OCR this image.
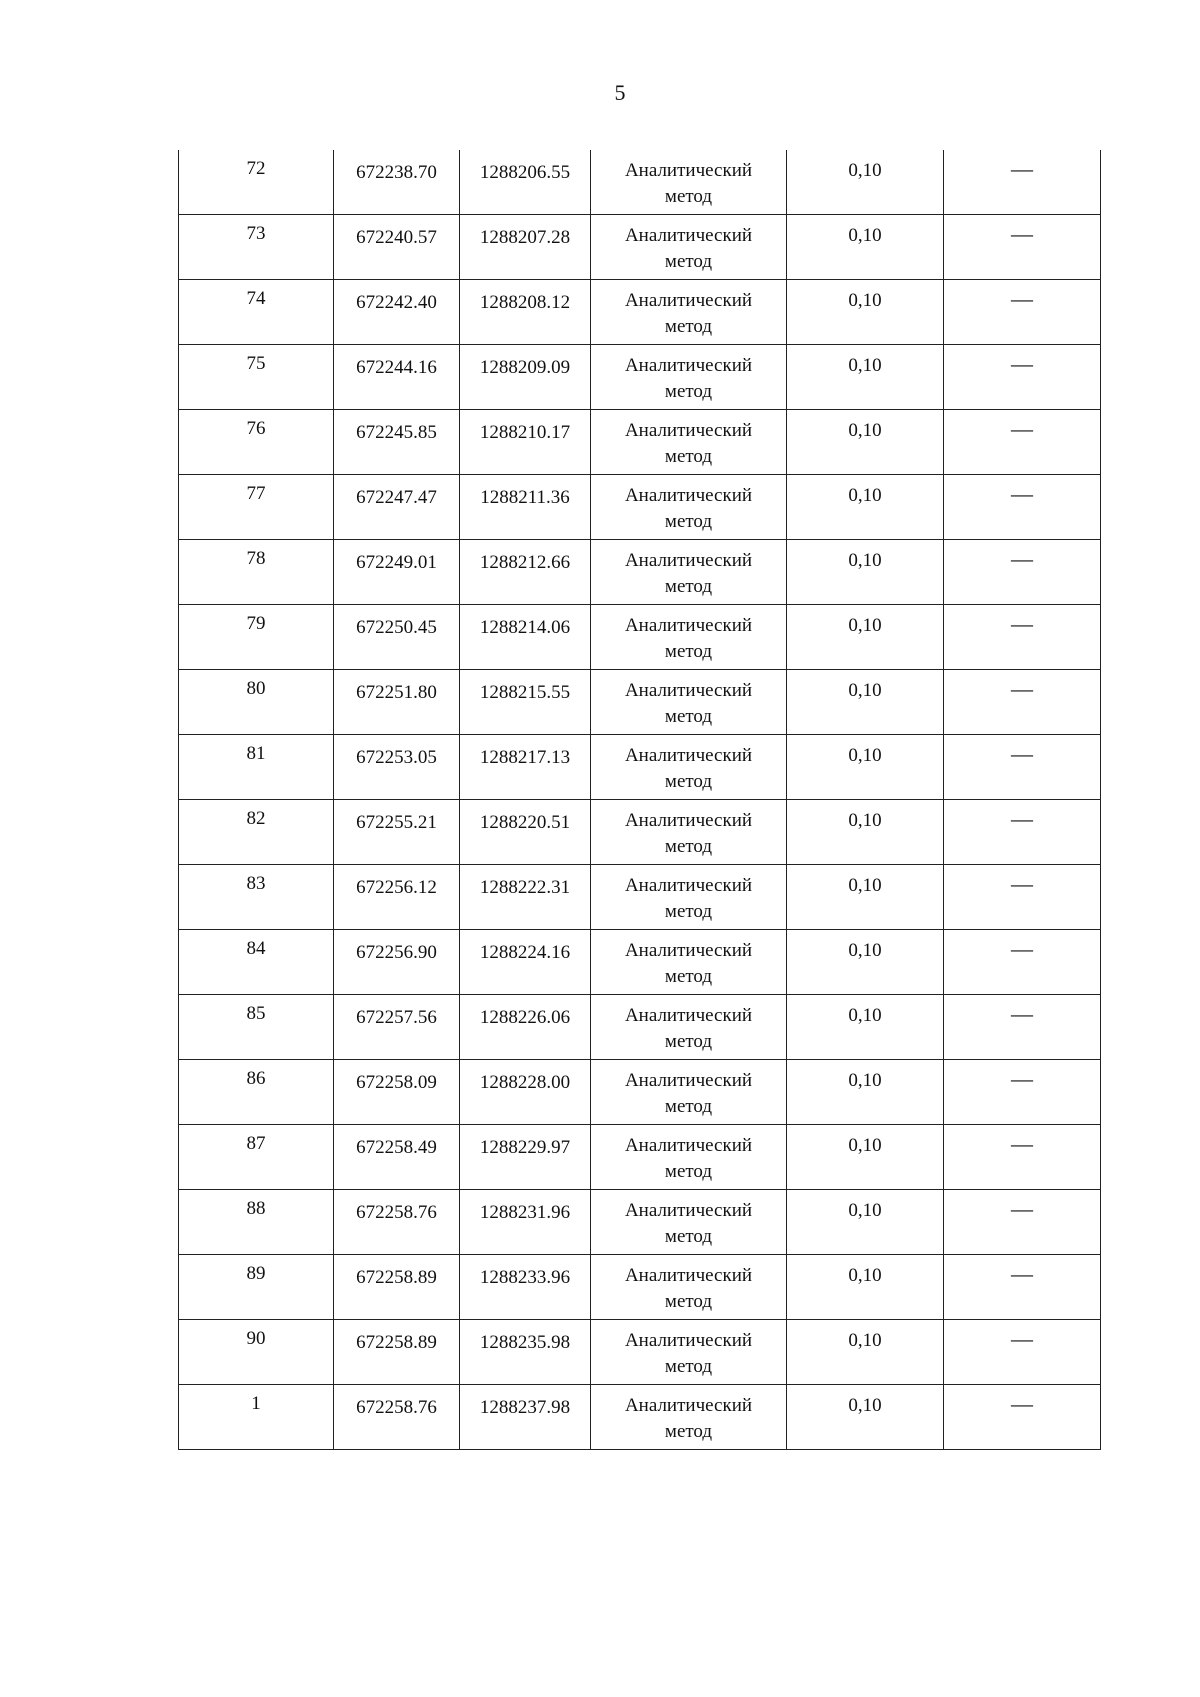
5
72	672238.70	1288206.55	Аналитический
метод	0,10	—

73	672240.57	1288207.28	Аналитический
метод	0,10	—

74	672242.40	1288208.12	Аналитический
метод	0,10	—

75	672244.16	1288209.09	Аналитический
метод	0,10	—

76	672245.85	1288210.17	Аналитический
метод	0,10	—

77	672247.47	1288211.36	Аналитический
метод	0,10	—

78	672249.01	1288212.66	Аналитический
метод	0,10	—

79	672250.45	1288214.06	Аналитический
метод	0,10	—

80	672251.80	1288215.55	Аналитический
метод	0,10	—

81	672253.05	1288217.13	Аналитический
метод	0,10	—

82	672255.21	1288220.51	Аналитический
метод	0,10	—

83	672256.12	1288222.31	Аналитический
метод	0,10	—

84	672256.90	1288224.16	Аналитический
метод	0,10	—

85	672257.56	1288226.06	Аналитический
метод	0,10	—

86	672258.09	1288228.00	Аналитический
метод	0,10	—

87	672258.49	1288229.97	Аналитический
метод	0,10	—

88	672258.76	1288231.96	Аналитический
метод	0,10	—

89	672258.89	1288233.96	Аналитический
метод	0,10	—

90	672258.89	1288235.98	Аналитический
метод	0,10	—

1	672258.76	1288237.98	Аналитический
метод	0,10	—
